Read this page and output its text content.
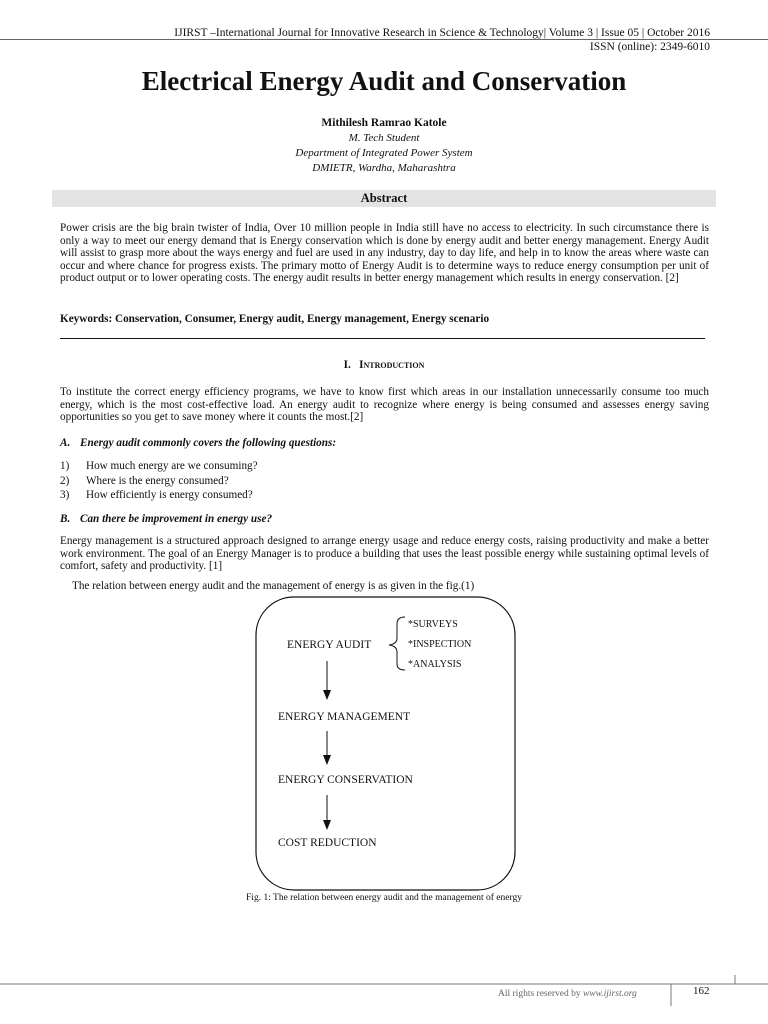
IJIRST –International Journal for Innovative Research in Science & Technology| Volume 3 | Issue 05 | October 2016
ISSN (online): 2349-6010
Electrical Energy Audit and Conservation
Mithilesh Ramrao Katole
M. Tech Student
Department of Integrated Power System
DMIETR, Wardha, Maharashtra
Abstract
Power crisis are the big brain twister of India, Over 10 million people in India still have no access to electricity. In such circumstance there is only a way to meet our energy demand that is Energy conservation which is done by energy audit and better energy management. Energy Audit will assist to grasp more about the ways energy and fuel are used in any industry, day to day life, and help in to know the areas where waste can occur and where chance for progress exists. The primary motto of Energy Audit is to determine ways to reduce energy consumption per unit of product output or to lower operating costs. The energy audit results in better energy management which results in energy conservation. [2]
Keywords: Conservation, Consumer, Energy audit, Energy management, Energy scenario
I. Introduction
To institute the correct energy efficiency programs, we have to know first which areas in our installation unnecessarily consume too much energy, which is the most cost-effective load. An energy audit to recognize where energy is being consumed and assesses energy saving opportunities so you get to save money where it counts the most.[2]
A. Energy audit commonly covers the following questions:
1) How much energy are we consuming?
2) Where is the energy consumed?
3) How efficiently is energy consumed?
B. Can there be improvement in energy use?
Energy management is a structured approach designed to arrange energy usage and reduce energy costs, raising productivity and make a better work environment. The goal of an Energy Manager is to produce a building that uses the least possible energy while sustaining optimal levels of comfort, safety and productivity. [1]
The relation between energy audit and the management of energy is as given in the fig.(1)
ENERGY AUDIT
*SURVEYS
*INSPECTION
*ANALYSIS
ENERGY MANAGEMENT
ENERGY CONSERVATION
COST REDUCTION
Fig. 1: The relation between energy audit and the management of energy
All rights reserved by www.ijirst.org	162
